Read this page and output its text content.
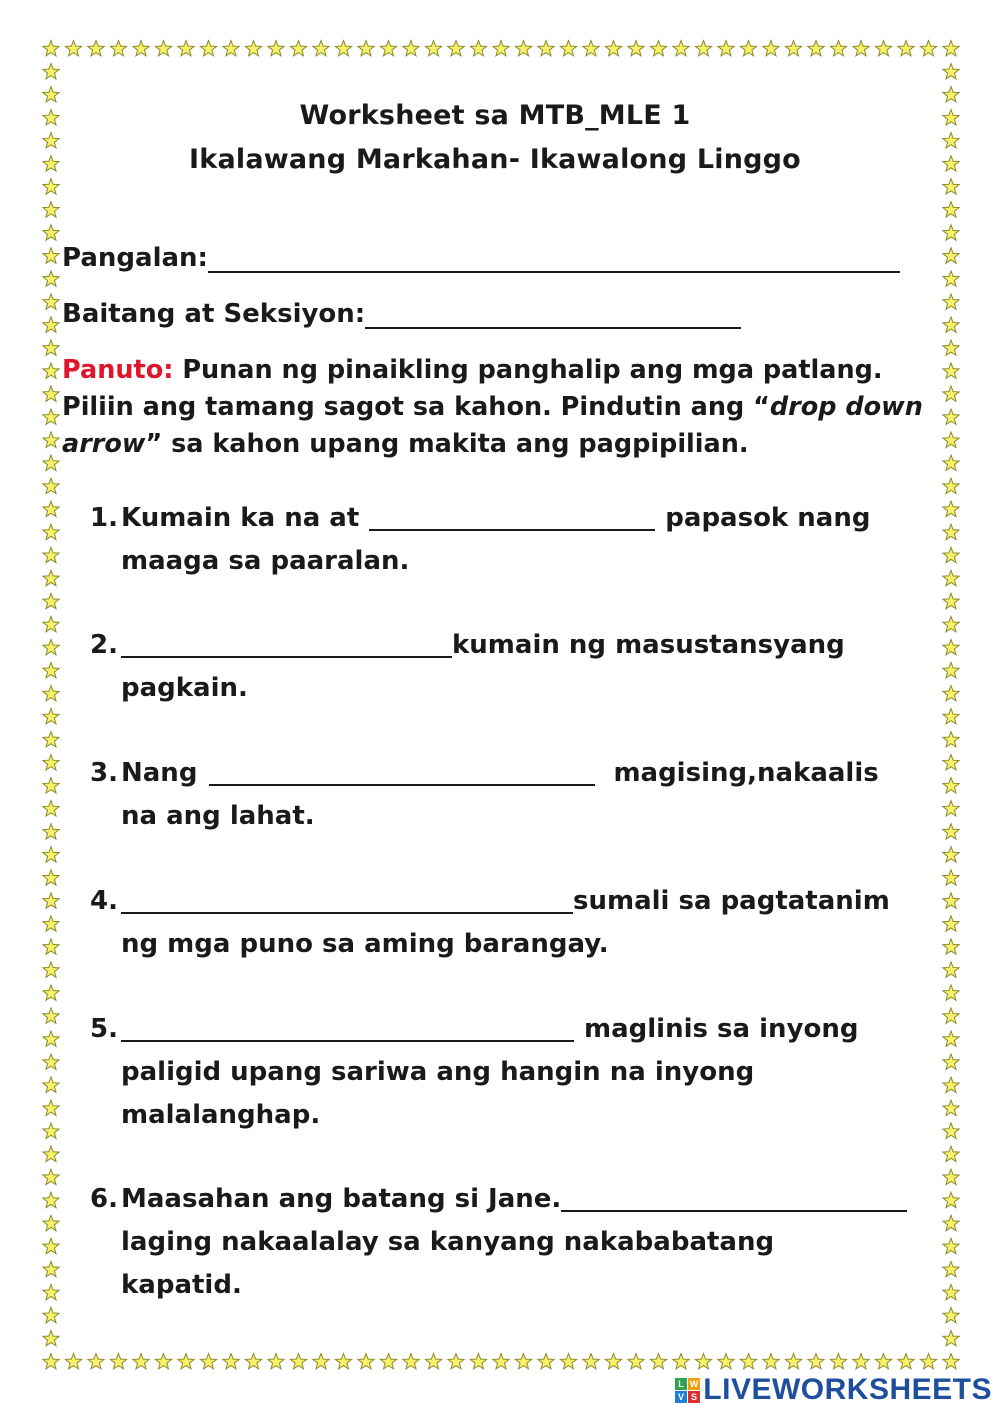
Worksheet sa MTB_MLE 1
Ikalawang Markahan- Ikawalong Linggo
Pangalan:
Baitang at Seksiyon:
Panuto: Punan ng pinaikling panghalip ang mga patlang. Piliin ang tamang sagot sa kahon. Pindutin ang “drop down arrow” sa kahon upang makita ang pagpipilian.
1. Kumain ka na at	papasok nang
maaga sa paaralan.
2.	kumain ng masustansyang
pagkain.
3. Nang	magising,nakaalis
na ang lahat.
4.	sumali sa pagtatanim
ng mga puno sa aming barangay.
5.	maglinis sa inyong
paligid upang sariwa ang hangin na inyong
malalanghap.
6. Maasahan ang batang si Jane.
laging nakaalalay sa kanyang nakababatang
kapatid.
L W
V S LIVEWORKSHEETS
